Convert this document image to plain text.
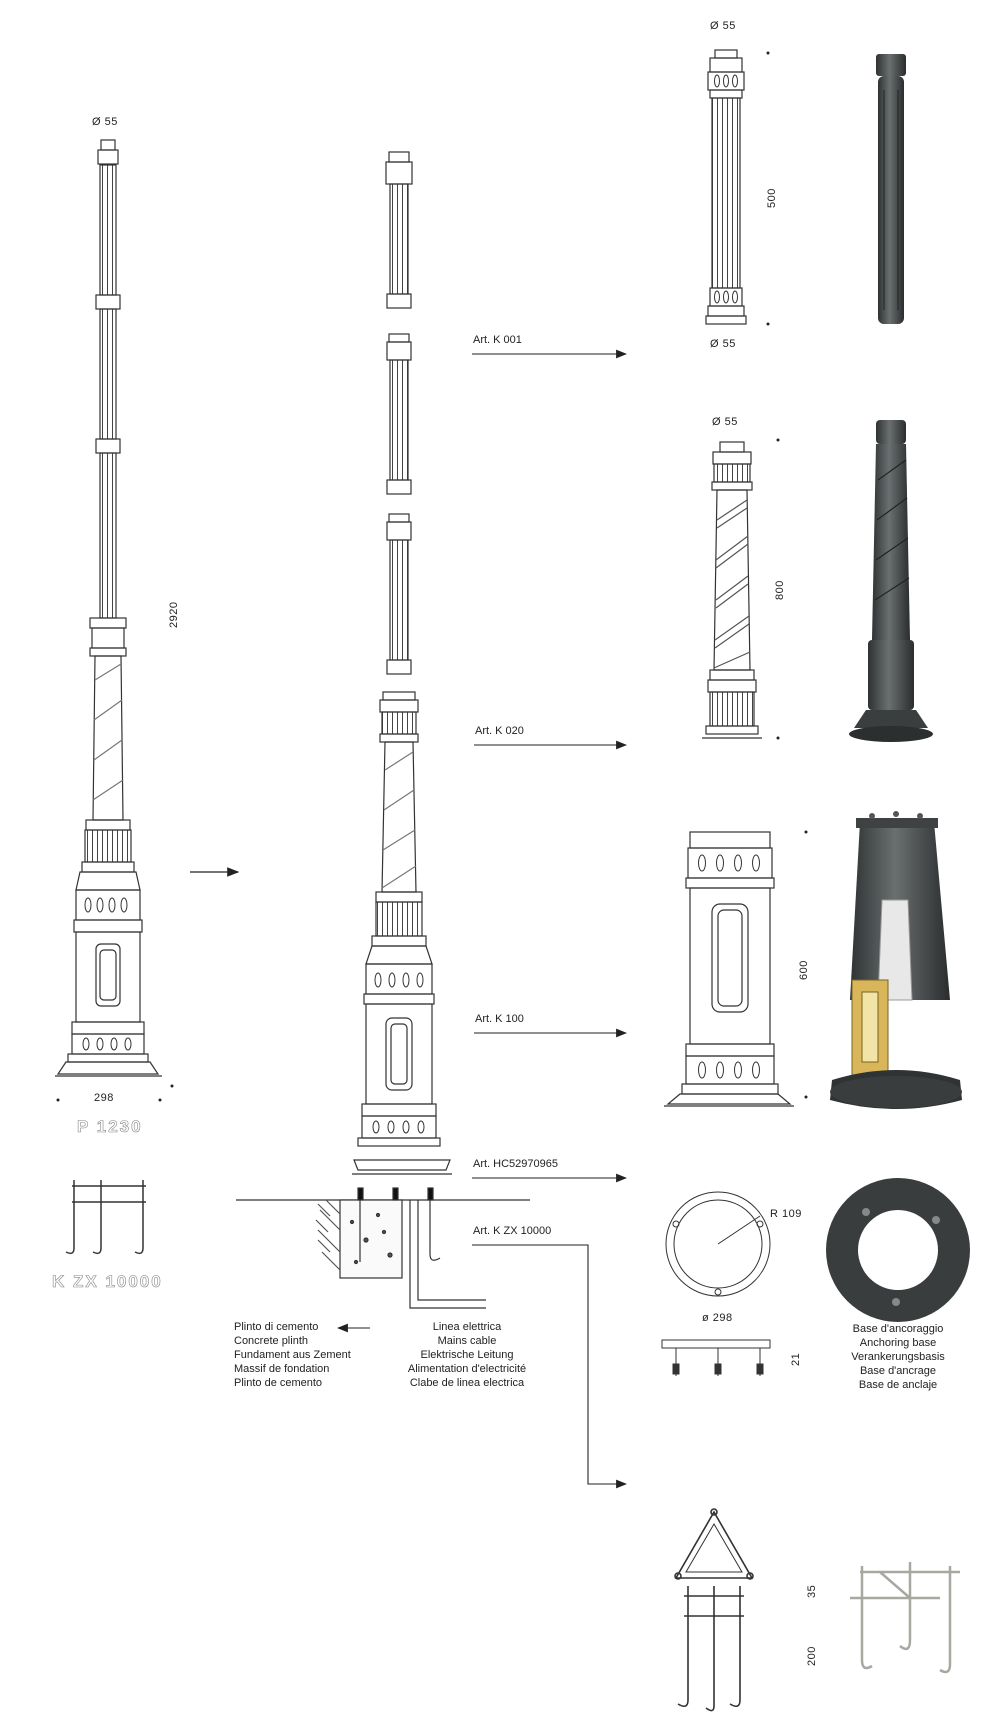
Ø 55
2920
298
P 1230
K ZX 10000
Art. K 001
Art. K 020
Art. K 100
Art. HC52970965
Art. K ZX 10000
Ø 55
500
Ø 55
Ø 55
800
600
R 109
ø 298
21
35
200
Plinto di cemento
Concrete plinth
Fundament aus Zement
Massif de fondation
Plinto de cemento
Linea elettrica
Mains cable
Elektrische Leitung
Alimentation d'electricité
Clabe de linea electrica
Base d'ancoraggio
Anchoring base
Verankerungsbasis
Base d'ancrage
Base de anclaje
